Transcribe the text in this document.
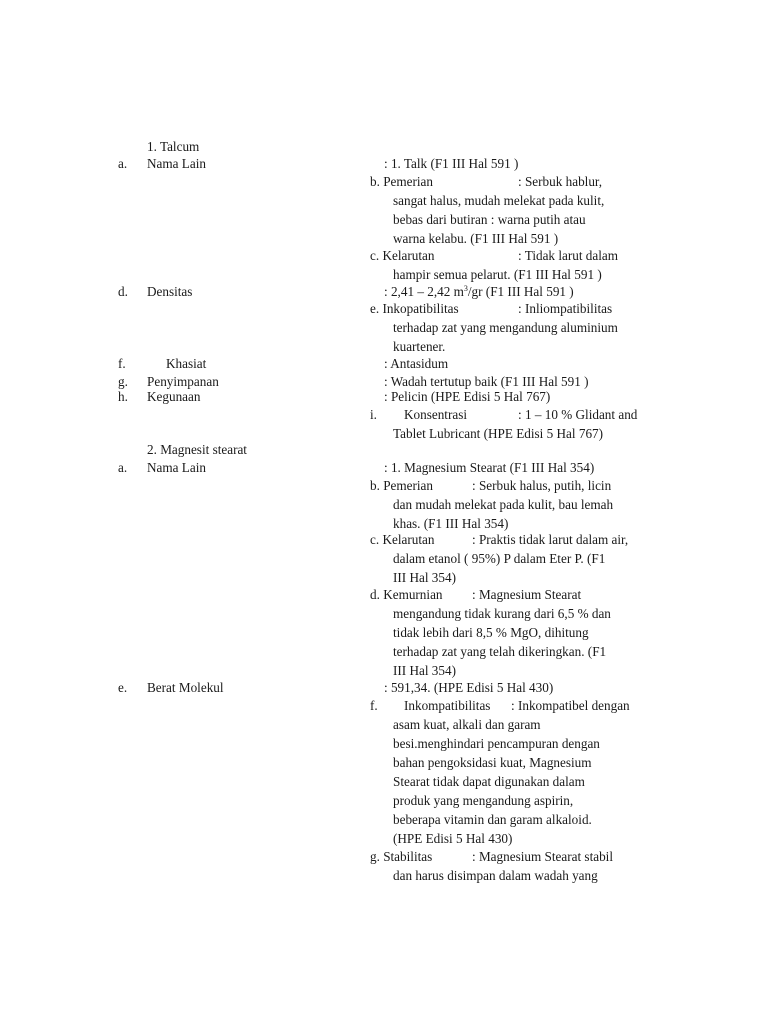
1. Talcum
a. Nama Lain	: 1. Talk (F1 III Hal 591 )
b. Pemerian	: Serbuk hablur,
sangat halus, mudah melekat pada kulit,
bebas dari butiran : warna putih atau
warna kelabu. (F1 III Hal 591 )
c. Kelarutan	: Tidak larut dalam
hampir semua pelarut. (F1 III Hal 591 )
d. Densitas	: 2,41 – 2,42 $m^3/gr$ (F1 III Hal 591 )
e. Inkopatibilitas	: Inliompatibilitas
terhadap zat yang mengandung aluminium
kuartener.
f.	Khasiat	: Antasidum
g. Penyimpanan	: Wadah tertutup baik (F1 III Hal 591 )
h. Kegunaan	: Pelicin (HPE Edisi 5 Hal 767)
i. Konsentrasi	: 1 – 10 % Glidant and
Tablet Lubricant (HPE Edisi 5 Hal 767)
2. Magnesit stearat
a. Nama Lain	: 1. Magnesium Stearat (F1 III Hal 354)
b. Pemerian	: Serbuk halus, putih, licin
dan mudah melekat pada kulit, bau lemah
khas. (F1 III Hal 354)
c. Kelarutan	: Praktis tidak larut dalam air,
dalam etanol ( 95%) P dalam Eter P. (F1
III Hal 354)
d. Kemurnian : Magnesium Stearat
mengandung tidak kurang dari 6,5 % dan
tidak lebih dari 8,5 % MgO, dihitung
terhadap zat yang telah dikeringkan. (F1
III Hal 354)
e. Berat Molekul	: 591,34. (HPE Edisi 5 Hal 430)
f. Inkompatibilitas : Inkompatibel dengan
asam kuat, alkali dan garam
besi.menghindari pencampuran dengan
bahan pengoksidasi kuat, Magnesium
Stearat tidak dapat digunakan dalam
produk yang mengandung aspirin,
beberapa vitamin dan garam alkaloid.
(HPE Edisi 5 Hal 430)
g. Stabilitas	: Magnesium Stearat stabil
dan harus disimpan dalam wadah yang
